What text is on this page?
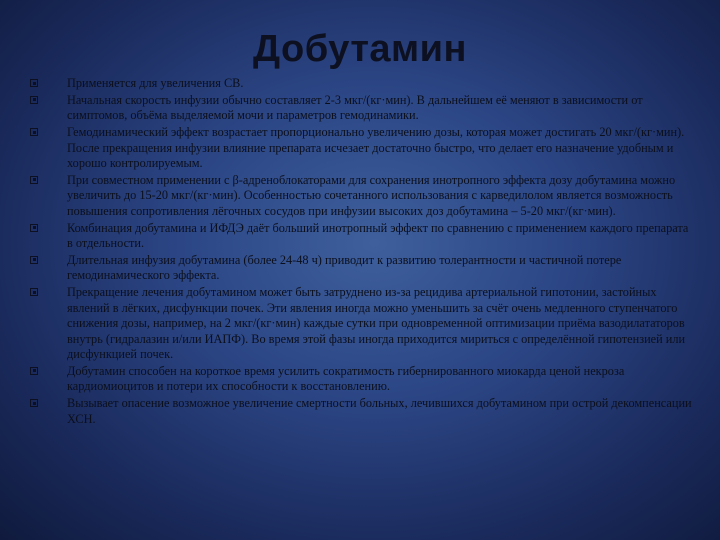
Добутамин
Применяется для увеличения СВ.
Начальная скорость инфузии обычно составляет 2-3 мкг/(кг·мин). В дальнейшем её меняют в зависимости от симптомов, объёма выделяемой мочи и параметров гемодинамики.
Гемодинамический эффект возрастает пропорционально увеличению дозы, которая может достигать 20 мкг/(кг·мин). После прекращения инфузии влияние препарата исчезает достаточно быстро, что делает его назначение удобным и хорошо контролируемым.
При совместном применении с β-адреноблокаторами для сохранения инотропного эффекта дозу добутамина можно увеличить до 15-20 мкг/(кг·мин). Особенностью сочетанного использования с карведилолом является возможность повышения сопротивления лёгочных сосудов при инфузии высоких доз добутамина – 5-20 мкг/(кг·мин).
Комбинация добутамина и ИФДЭ даёт больший инотропный эффект по сравнению с применением каждого препарата в отдельности.
Длительная инфузия добутамина (более 24-48 ч) приводит к развитию толерантности и частичной потере гемодинамического эффекта.
Прекращение лечения добутамином может быть затруднено из-за рецидива артериальной гипотонии, застойных явлений в лёгких, дисфункции почек. Эти явления иногда можно уменьшить за счёт очень медленного ступенчатого снижения дозы, например, на 2 мкг/(кг·мин) каждые сутки при одновременной оптимизации приёма вазодилататоров внутрь (гидралазин и/или ИАПФ). Во время этой фазы иногда приходится мириться с определённой гипотензией или дисфункцией почек.
Добутамин способен на короткое время усилить сократимость гибернированного миокарда ценой некроза кардиомиоцитов и потери их способности к восстановлению.
Вызывает опасение возможное увеличение смертности больных, лечившихся добутамином при острой декомпенсации ХСН.
